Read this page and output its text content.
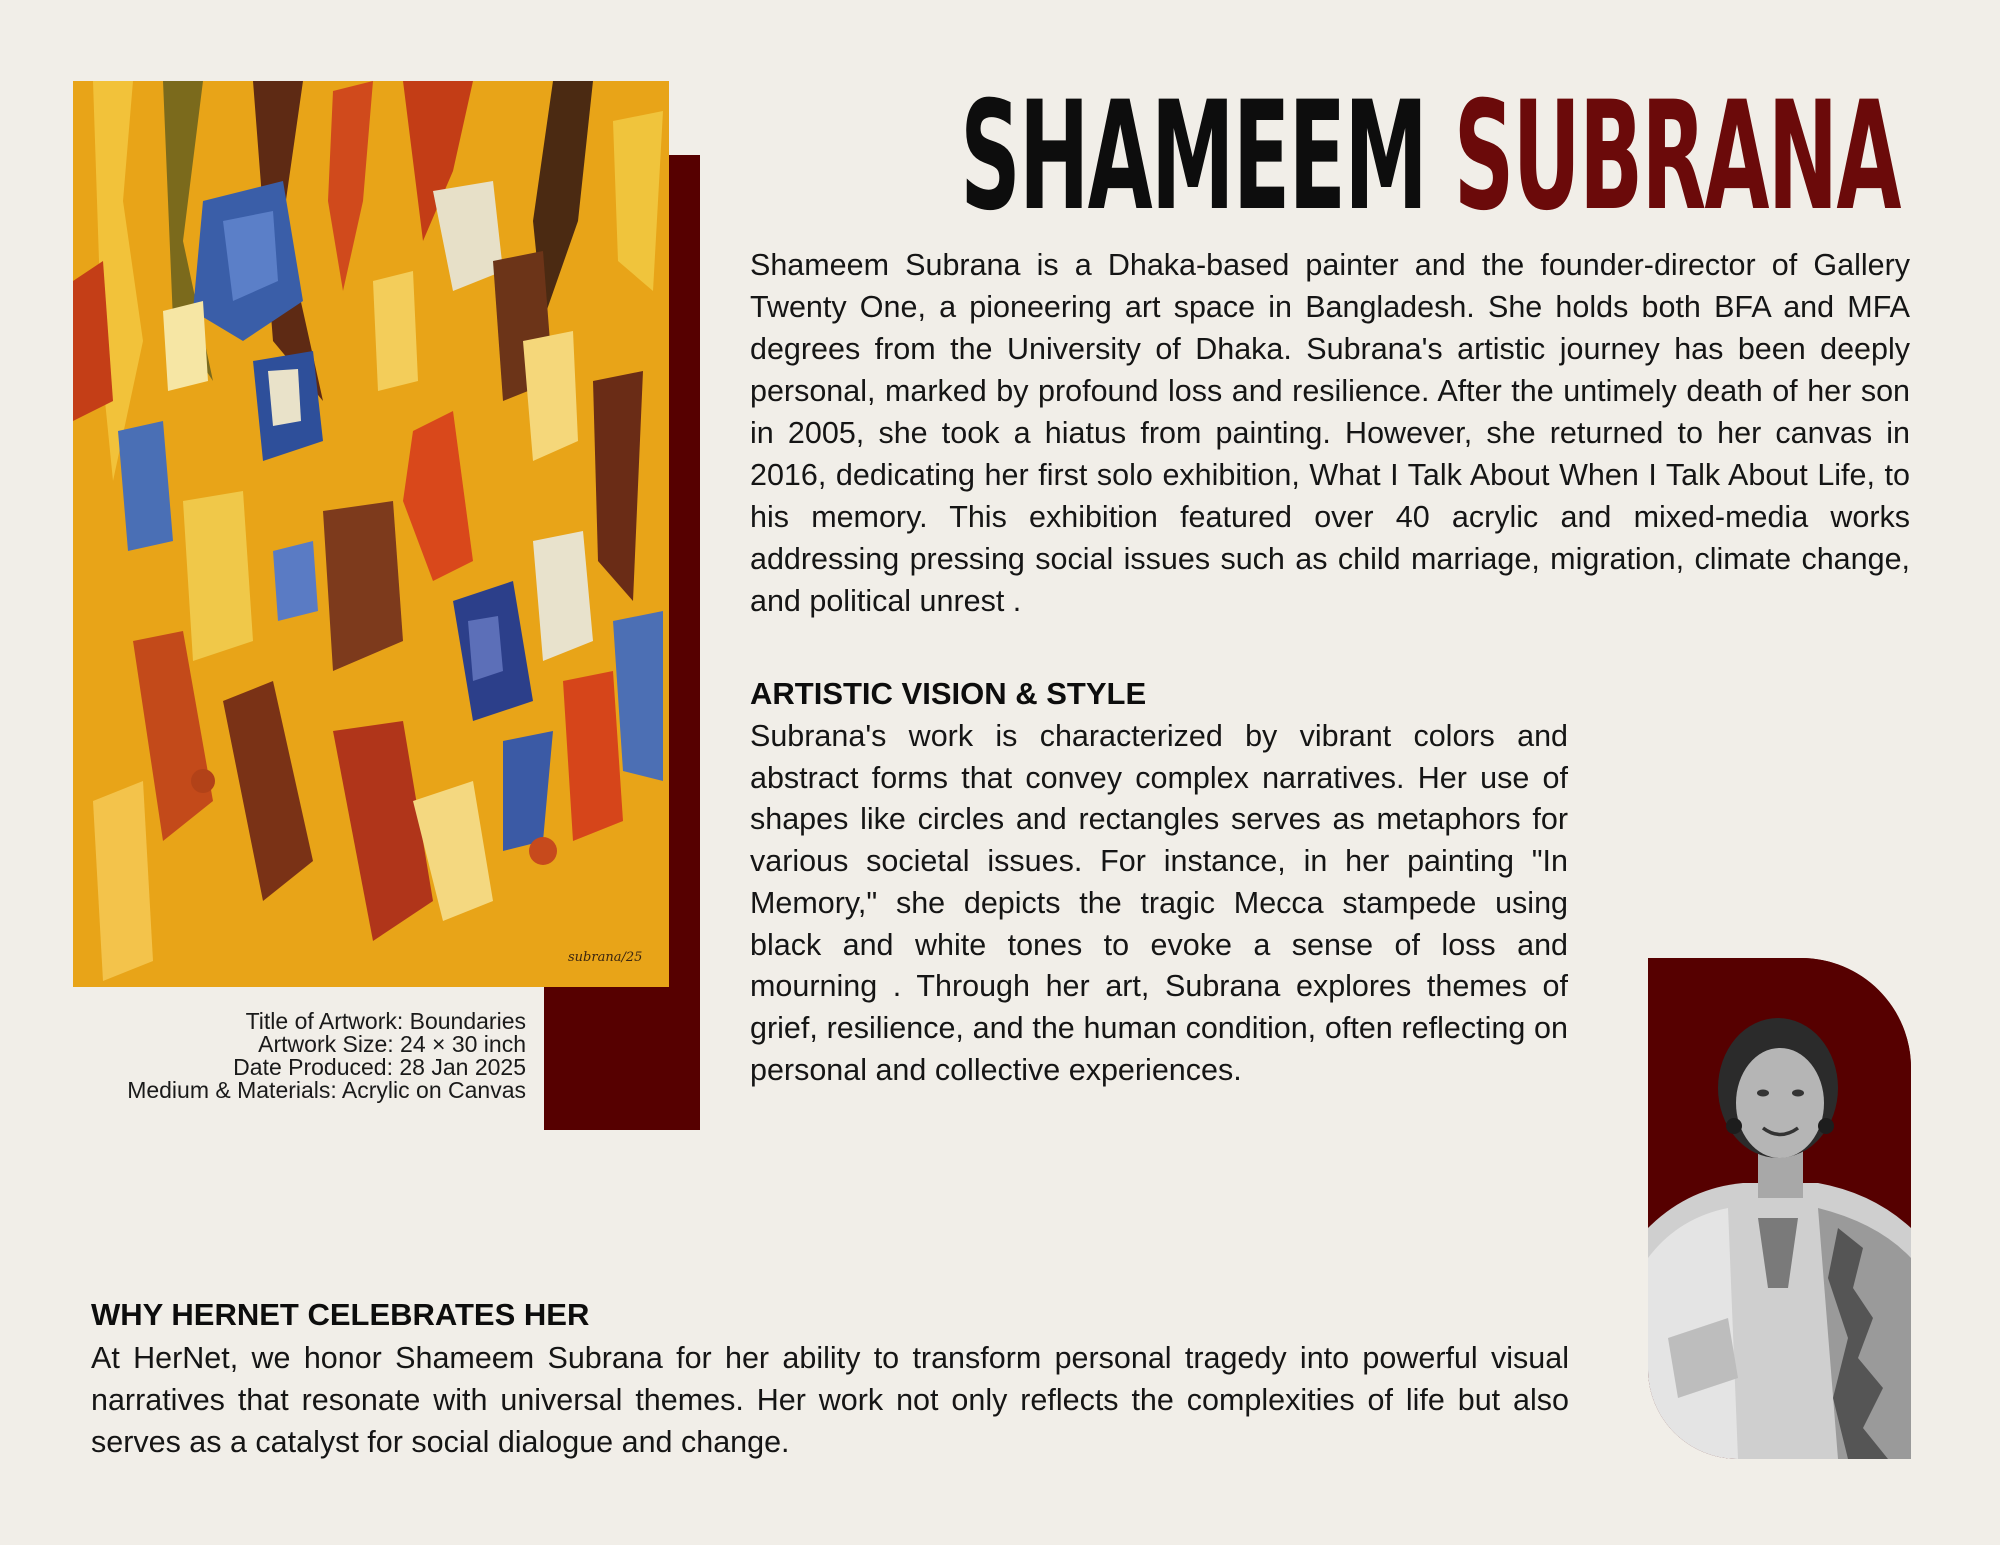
subrana/25
Title of Artwork: Boundaries
Artwork Size: 24 × 30 inch
Date Produced: 28 Jan 2025
Medium & Materials: Acrylic on Canvas
SHAMEEM SUBRANA

Shameem Subrana is a Dhaka-based painter and the founder-director of Gallery Twenty One, a pioneering art space in Bangladesh. She holds both BFA and MFA degrees from the University of Dhaka. Subrana's artistic journey has been deeply personal, marked by profound loss and resilience. After the untimely death of her son in 2005, she took a hiatus from painting. However, she returned to her canvas in 2016, dedicating her first solo exhibition, What I Talk About When I Talk About Life, to his memory. This exhibition featured over 40 acrylic and mixed-media works addressing pressing social issues such as child marriage, migration, climate change, and political unrest .

ARTISTIC VISION & STYLE

Subrana's work is characterized by vibrant colors and abstract forms that convey complex narratives. Her use of shapes like circles and rectangles serves as metaphors for various societal issues. For instance, in her painting "In Memory," she depicts the tragic Mecca stampede using black and white tones to evoke a sense of loss and mourning . Through her art, Subrana explores themes of grief, resilience, and the human condition, often reflecting on personal and collective experiences.

WHY HERNET CELEBRATES HER

At HerNet, we honor Shameem Subrana for her ability to transform personal tragedy into powerful visual narratives that resonate with universal themes. Her work not only reflects the complexities of life but also serves as a catalyst for social dialogue and change.
